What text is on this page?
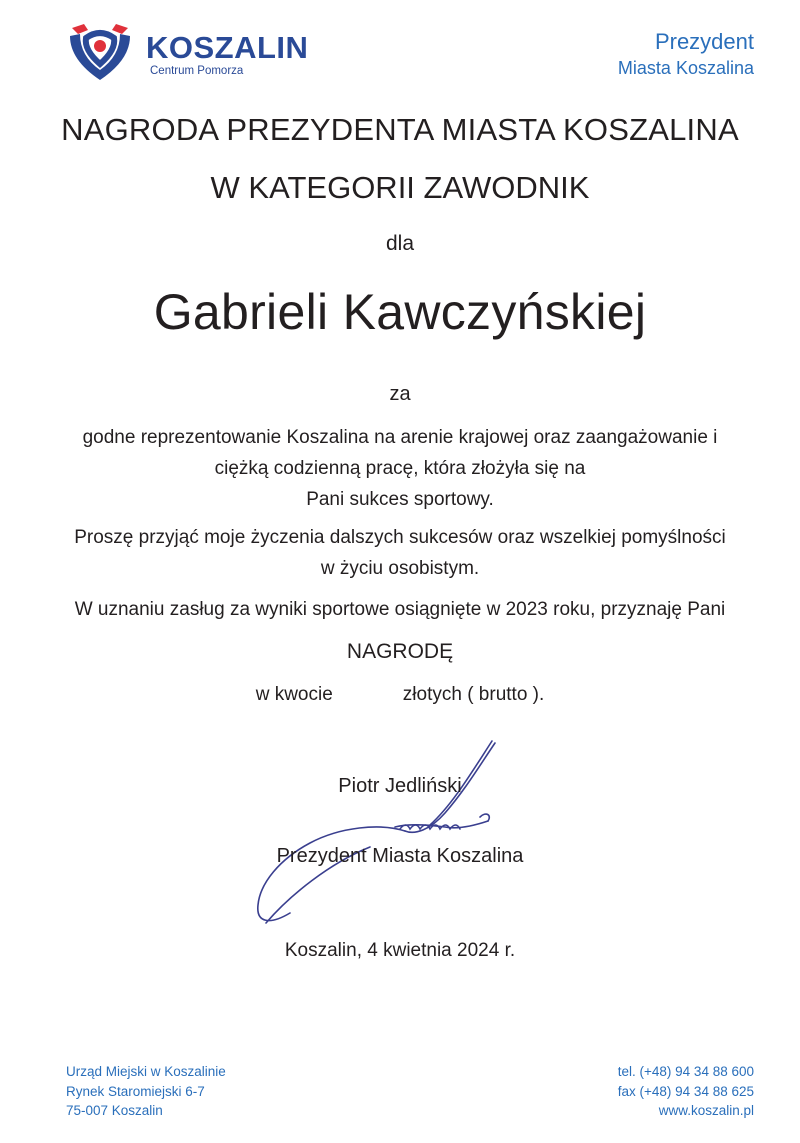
KOSZALIN
Centrum Pomorza
Prezydent
Miasta Koszalina
NAGRODA PREZYDENTA MIASTA KOSZALINA
W KATEGORII ZAWODNIK
dla
Gabrieli Kawczyńskiej
za
godne reprezentowanie Koszalina na arenie krajowej oraz zaangażowanie i
ciężką codzienną pracę, która złożyła się na
Pani sukces sportowy.
Proszę przyjąć moje życzenia dalszych sukcesów oraz wszelkiej pomyślności
w życiu osobistym.
W uznaniu zasług za wyniki sportowe osiągnięte w 2023 roku, przyznaję Pani
NAGRODĘ
w kwocie	złotych ( brutto ).
Piotr Jedliński
Prezydent Miasta Koszalina
Koszalin, 4 kwietnia 2024 r.
Urząd Miejski w Koszalinie
Rynek Staromiejski 6-7
75-007 Koszalin
tel. (+48) 94 34 88 600
fax (+48) 94 34 88 625
www.koszalin.pl
